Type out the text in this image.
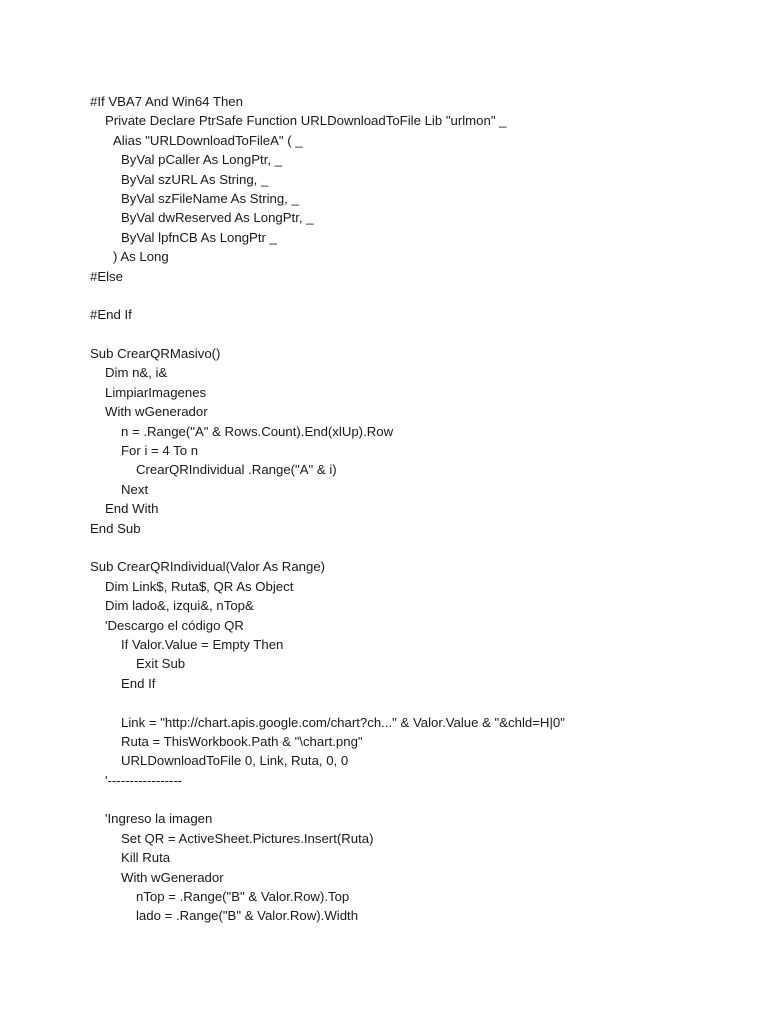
#If VBA7 And Win64 Then
Private Declare PtrSafe Function URLDownloadToFile Lib "urlmon" _
Alias "URLDownloadToFileA" ( _
ByVal pCaller As LongPtr, _
ByVal szURL As String, _
ByVal szFileName As String, _
ByVal dwReserved As LongPtr, _
ByVal lpfnCB As LongPtr _
) As Long
#Else
#End If
Sub CrearQRMasivo()
Dim n&, i&
LimpiarImagenes
With wGenerador
n = .Range("A" & Rows.Count).End(xlUp).Row
For i = 4 To n
CrearQRIndividual .Range("A" & i)
Next
End With
End Sub
Sub CrearQRIndividual(Valor As Range)
Dim Link$, Ruta$, QR As Object
Dim lado&, izqui&, nTop&
'Descargo el código QR
If Valor.Value = Empty Then
Exit Sub
End If
Link = "http://chart.apis.google.com/chart?ch..." & Valor.Value & "&chld=H|0"
Ruta = ThisWorkbook.Path & "\chart.png"
URLDownloadToFile 0, Link, Ruta, 0, 0
'-----------------
'Ingreso la imagen
Set QR = ActiveSheet.Pictures.Insert(Ruta)
Kill Ruta
With wGenerador
nTop = .Range("B" & Valor.Row).Top
lado = .Range("B" & Valor.Row).Width
